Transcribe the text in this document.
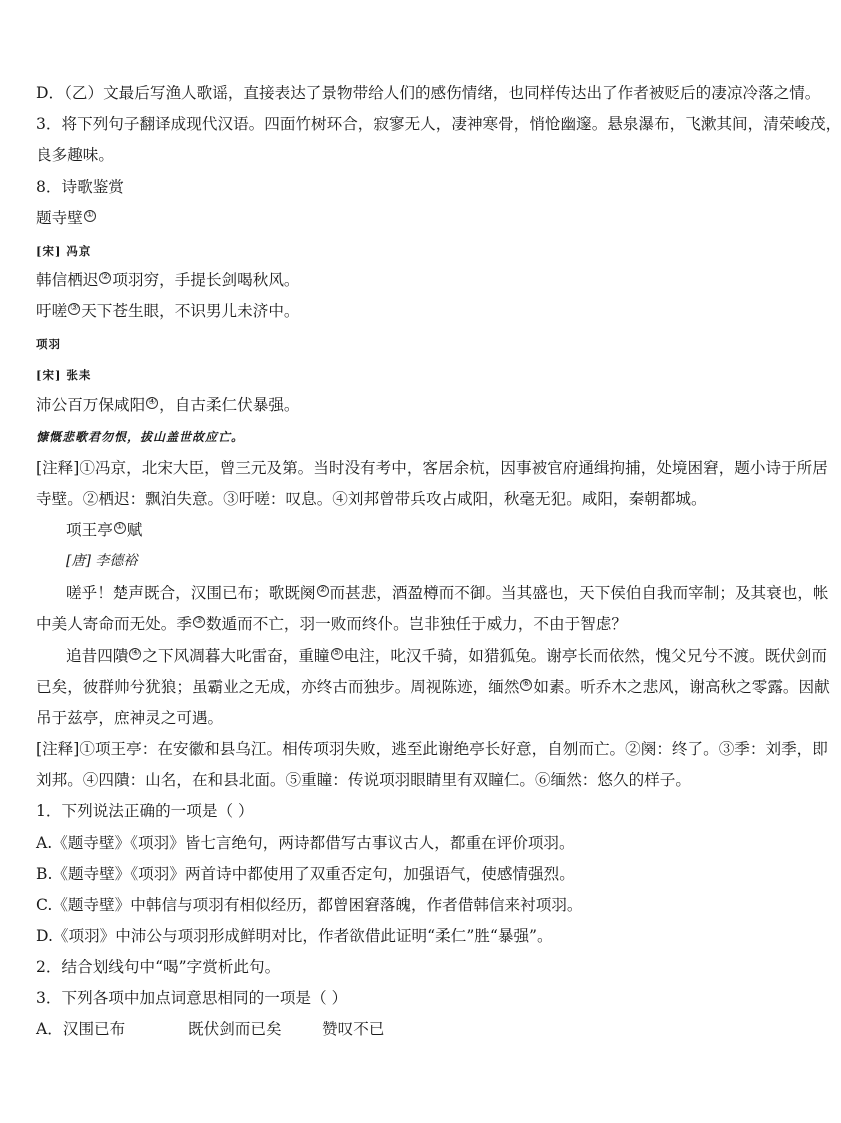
D．（乙）文最后写渔人歌谣，直接表达了景物带给人们的感伤情绪，也同样传达出了作者被贬后的凄凉冷落之情。
3．将下列句子翻译成现代汉语。四面竹树环合，寂寥无人，凄神寒骨，悄怆幽邃。悬泉瀑布，飞漱其间，清荣峻茂，
良多趣味。
8．诗歌鉴赏
题寺壁 ①
[宋] 冯京
韩信栖迟 ② 项羽穷，手提长剑喝秋风。
吁嗟 ③ 天下苍生眼，不识男儿未济中。
项羽
[宋] 张耒
沛公百万保咸阳 ④ ，自古柔仁伏暴强。
慷慨悲歌君勿恨，拔山盖世故应亡。
[注释]①冯京，北宋大臣，曾三元及第。当时没有考中，客居余杭，因事被官府通缉拘捕，处境困窘，题小诗于所居
寺壁。②栖迟：飘泊失意。③吁嗟：叹息。④刘邦曾带兵攻占咸阳，秋毫无犯。咸阳，秦朝都城。
项王亭 ① 赋
[唐] 李德裕
嗟乎！楚声既合，汉围已布；歌既阕 ② 而甚悲，酒盈樽而不御。当其盛也，天下侯伯自我而宰制；及其衰也，帐
中美人寄命而无处。季 ③ 数遁而不亡，羽一败而终仆。岂非独任于威力，不由于智虑？
追昔四隤 ④ 之下风凋暮大叱雷奋，重瞳 ⑤ 电注，叱汉千骑，如猎狐兔。谢亭长而依然，愧父兄兮不渡。既伏剑而
已矣，彼群帅兮犹狼；虽霸业之无成，亦终古而独步。周视陈迹，缅然 ⑥ 如素。听乔木之悲风，谢高秋之零露。因献
吊于兹亭，庶神灵之可遇。
[注释]①项王亭：在安徽和县乌江。相传项羽失败，逃至此谢绝亭长好意，自刎而亡。②阕：终了。③季：刘季，即
刘邦。④四隤：山名，在和县北面。⑤重瞳：传说项羽眼睛里有双瞳仁。⑥缅然：悠久的样子。
1．下列说法正确的一项是（ ）
A.《题寺壁》《项羽》皆七言绝句，两诗都借写古事议古人，都重在评价项羽。
B.《题寺壁》《项羽》两首诗中都使用了双重否定句，加强语气，使感情强烈。
C.《题寺壁》中韩信与项羽有相似经历，都曾困窘落魄，作者借韩信来衬项羽。
D.《项羽》中沛公与项羽形成鲜明对比，作者欲借此证明“柔仁”胜“暴强”。
2．结合划线句中“喝”字赏析此句。
3．下列各项中加点词意思相同的一项是（ ）
A．汉围已布	既伏剑而已矣	赞叹不已
